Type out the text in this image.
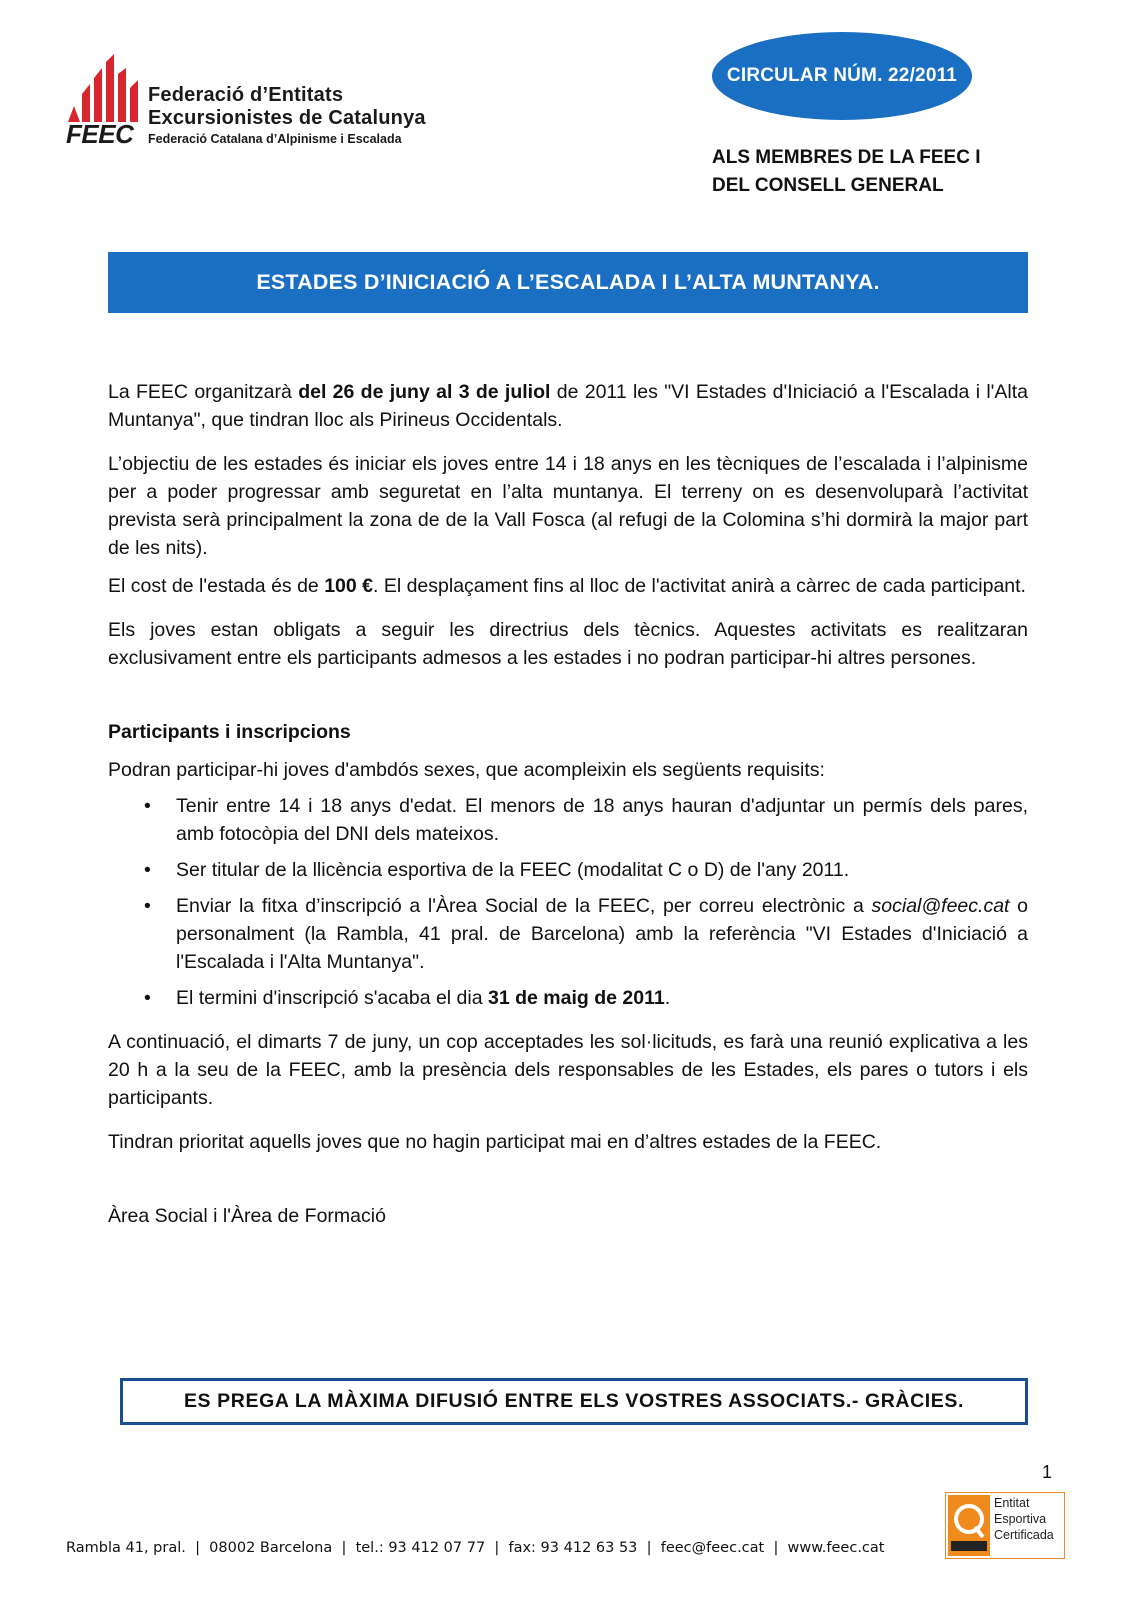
FEEC
Federació d’Entitats
Excursionistes de Catalunya
Federació Catalana d’Alpinisme i Escalada
CIRCULAR NÚM. 22/2011
ALS MEMBRES DE LA FEEC I
DEL CONSELL GENERAL
ESTADES D’INICIACIÓ A L’ESCALADA I L’ALTA MUNTANYA.

La FEEC organitzarà del 26 de juny al 3 de juliol de 2011 les "VI Estades d'Iniciació a l'Escalada i l'Alta Muntanya", que tindran lloc als Pirineus Occidentals.

L’objectiu de les estades és iniciar els joves entre 14 i 18 anys en les tècniques de l’escalada i l’alpinisme per a poder progressar amb seguretat en l’alta muntanya. El terreny on es desenvoluparà l’activitat prevista serà principalment la zona de de la Vall Fosca (al refugi de la Colomina s’hi dormirà la major part de les nits).

El cost de l'estada és de 100 €. El desplaçament fins al lloc de l'activitat anirà a càrrec de cada participant.

Els joves estan obligats a seguir les directrius dels tècnics. Aquestes activitats es realitzaran exclusivament entre els participants admesos a les estades i no podran participar-hi altres persones.

Participants i inscripcions

Podran participar-hi joves d'ambdós sexes, que acompleixin els següents requisits:

• Tenir entre 14 i 18 anys d'edat. El menors de 18 anys hauran d'adjuntar un permís dels pares, amb fotocòpia del DNI dels mateixos.
• Ser titular de la llicència esportiva de la FEEC (modalitat C o D) de l'any 2011.
• Enviar la fitxa d’inscripció a l'Àrea Social de la FEEC, per correu electrònic a social@feec.cat o personalment (la Rambla, 41 pral. de Barcelona) amb la referència "VI Estades d'Iniciació a l'Escalada i l'Alta Muntanya".
• El termini d'inscripció s'acaba el dia 31 de maig de 2011.

A continuació, el dimarts 7 de juny, un cop acceptades les sol·licituds, es farà una reunió explicativa a les 20 h a la seu de la FEEC, amb la presència dels responsables de les Estades, els pares o tutors i els participants.

Tindran prioritat aquells joves que no hagin participat mai en d’altres estades de la FEEC.

Àrea Social i l'Àrea de Formació

ES PREGA LA MÀXIMA DIFUSIÓ ENTRE ELS VOSTRES ASSOCIATS.- GRÀCIES.
1
Entitat
Esportiva
Certificada
Rambla 41, pral.  |  08002 Barcelona  |  tel.: 93 412 07 77  |  fax: 93 412 63 53  |  feec@feec.cat  |  www.feec.cat
